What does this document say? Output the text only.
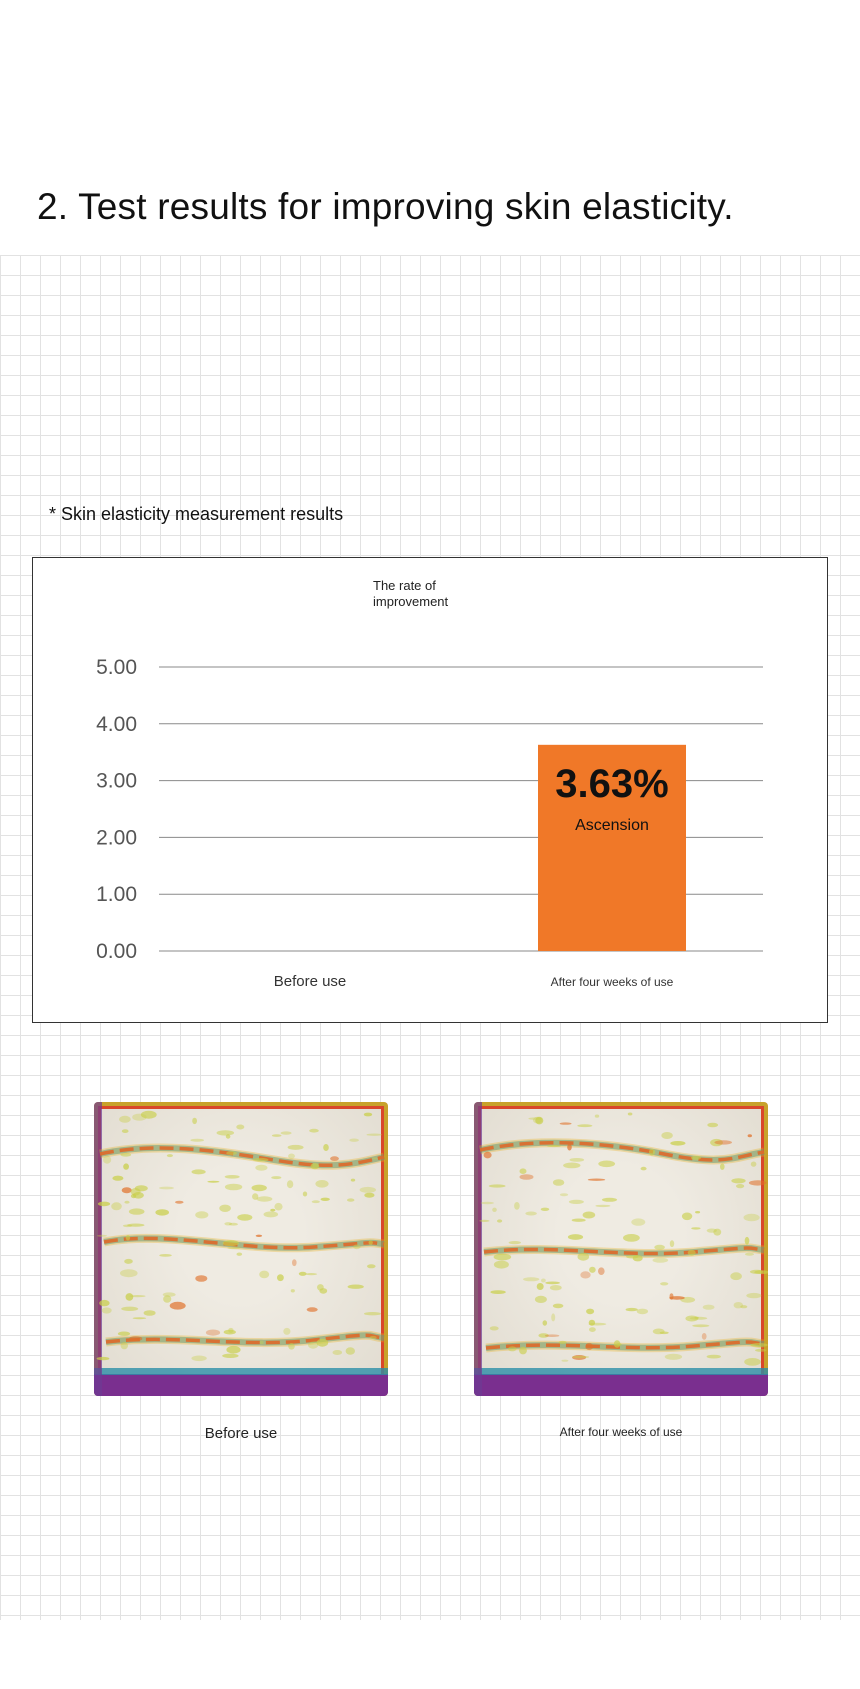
2. Test results for improving skin elasticity.
* Skin elasticity measurement results
The rate of improvement
0.00
1.00
2.00
3.00
4.00
5.00
Before use
3.63%
Ascension
After four weeks of use
Before use	After four weeks of use
